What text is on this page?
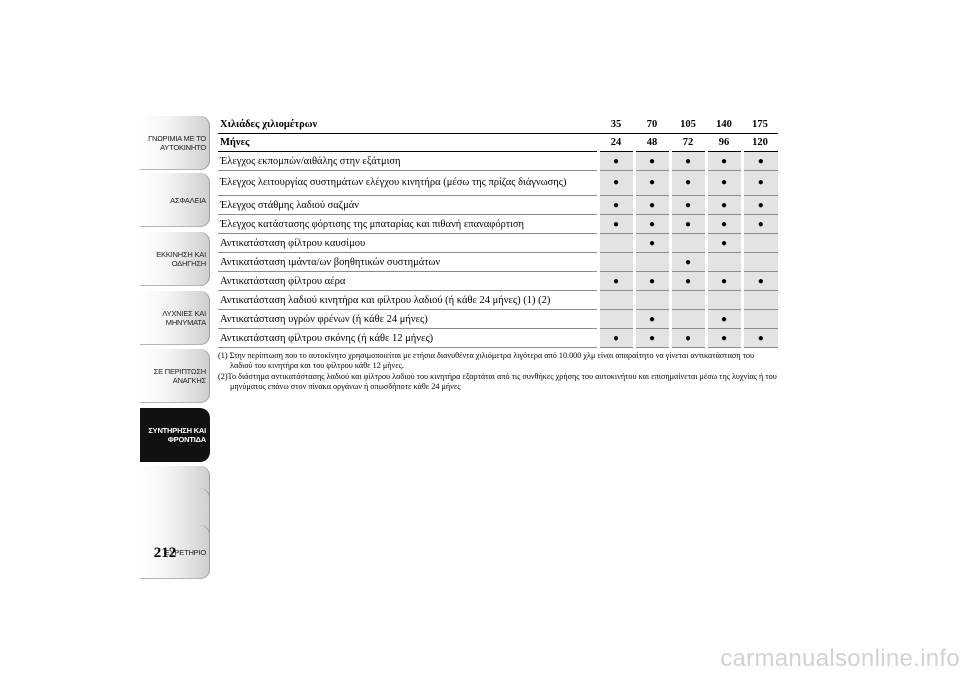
ΓΝΩΡΙΜΙΑ ΜΕ ΤΟ ΑΥΤΟΚΙΝΗΤΟ
ΑΣΦΑΛΕΙΑ
ΕΚΚΙΝΗΣΗ ΚΑΙ ΟΔΗΓΗΣΗ
ΛΥΧΝΙΕΣ ΚΑΙ ΜΗΝΥΜΑΤΑ
ΣΕ ΠΕΡΙΠΤΩΣΗ ΑΝΑΓΚΗΣ
ΣΥΝΤΗΡΗΣΗ ΚΑΙ ΦΡΟΝΤΙΔΑ
ΕΥΡΕΤΗΡΙΟ
212
Χιλιάδες χιλιομέτρων	35	70	105	140	175
Μήνες	24	48	72	96	120
Έλεγχος εκπομπών/αιθάλης στην εξάτμιση	●	●	●	●	●
Έλεγχος λειτουργίας συστημάτων ελέγχου κινητήρα (μέσω της πρίζας διάγνωσης)	●	●	●	●	●
Έλεγχος στάθμης λαδιού σαζμάν	●	●	●	●	●
Έλεγχος κατάστασης φόρτισης της μπαταρίας και πιθανή επαναφόρτιση	●	●	●	●	●
Αντικατάσταση φίλτρου καυσίμου		●		●	
Αντικατάσταση ιμάντα/ων βοηθητικών συστημάτων			●		
Αντικατάσταση φίλτρου αέρα	●	●	●	●	●
Αντικατάσταση λαδιού κινητήρα και φίλτρου λαδιού (ή κάθε 24 μήνες) (1) (2)					
Αντικατάσταση υγρών φρένων (ή κάθε 24 μήνες)		●		●	
Αντικατάσταση φίλτρου σκόνης (ή κάθε 12 μήνες)	●	●	●	●	●

(1) Στην περίπτωση που το αυτοκίνητο χρησιμοποιείται με ετήσια διανυθέντα χιλιόμετρα λιγότερα από 10.000 χλμ είναι απαραίτητο να γίνεται αντικατάσταση του λαδιού του κινητήρα και του φίλτρου κάθε 12 μήνες.

(2)Το διάστημα αντικατάστασης λαδιού και φίλτρου λαδιού του κινητήρα εξαρτάται από τις συνθήκες χρήσης του αυτοκινήτου και επισημαίνεται μέσω της λυχνίας ή του μηνύματος επάνω στον πίνακα οργάνων ή οπωσδήποτε κάθε 24 μήνες

carmanualsonline.info
